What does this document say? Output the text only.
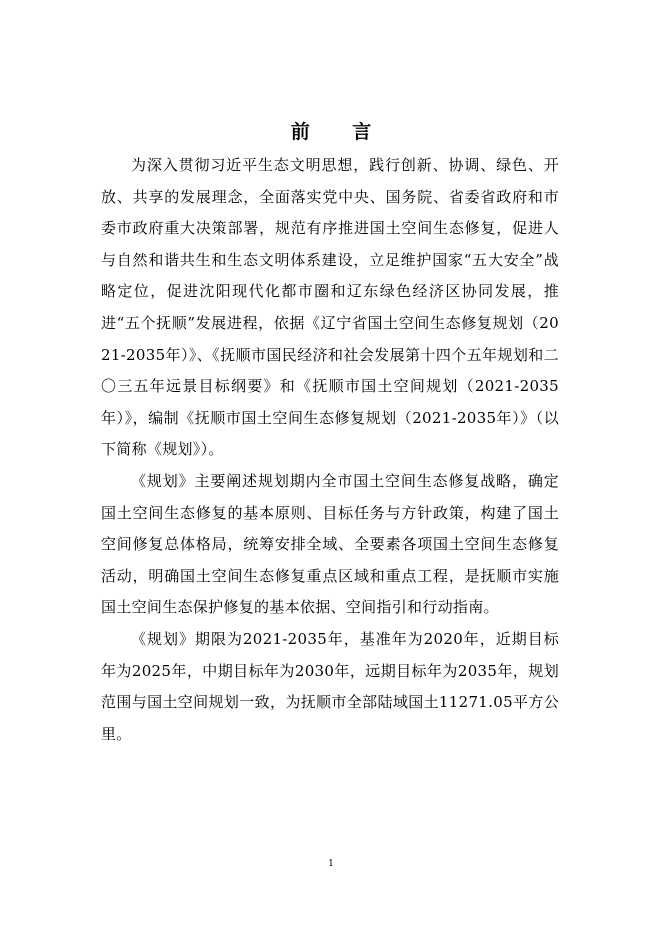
前 言

为深入贯彻习近平生态文明思想，践行创新、协调、绿色、开放、共享的发展理念，全面落实党中央、国务院、省委省政府和市委市政府重大决策部署，规范有序推进国土空间生态修复，促进人与自然和谐共生和生态文明体系建设，立足维护国家“五大安全”战略定位，促进沈阳现代化都市圈和辽东绿色经济区协同发展，推进“五个抚顺”发展进程，依据《辽宁省国土空间生态修复规划（2021-2035年）》、《抚顺市国民经济和社会发展第十四个五年规划和二〇三五年远景目标纲要》和《抚顺市国土空间规划（2021-2035年）》，编制《抚顺市国土空间生态修复规划（2021-2035年）》（以下简称《规划》）。

《规划》主要阐述规划期内全市国土空间生态修复战略，确定国土空间生态修复的基本原则、目标任务与方针政策，构建了国土空间修复总体格局，统筹安排全域、全要素各项国土空间生态修复活动，明确国土空间生态修复重点区域和重点工程，是抚顺市实施国土空间生态保护修复的基本依据、空间指引和行动指南。

《规划》期限为2021-2035年，基准年为2020年，近期目标年为2025年，中期目标年为2030年，远期目标年为2035年，规划范围与国土空间规划一致，为抚顺市全部陆域国土11271.05平方公里。

1
